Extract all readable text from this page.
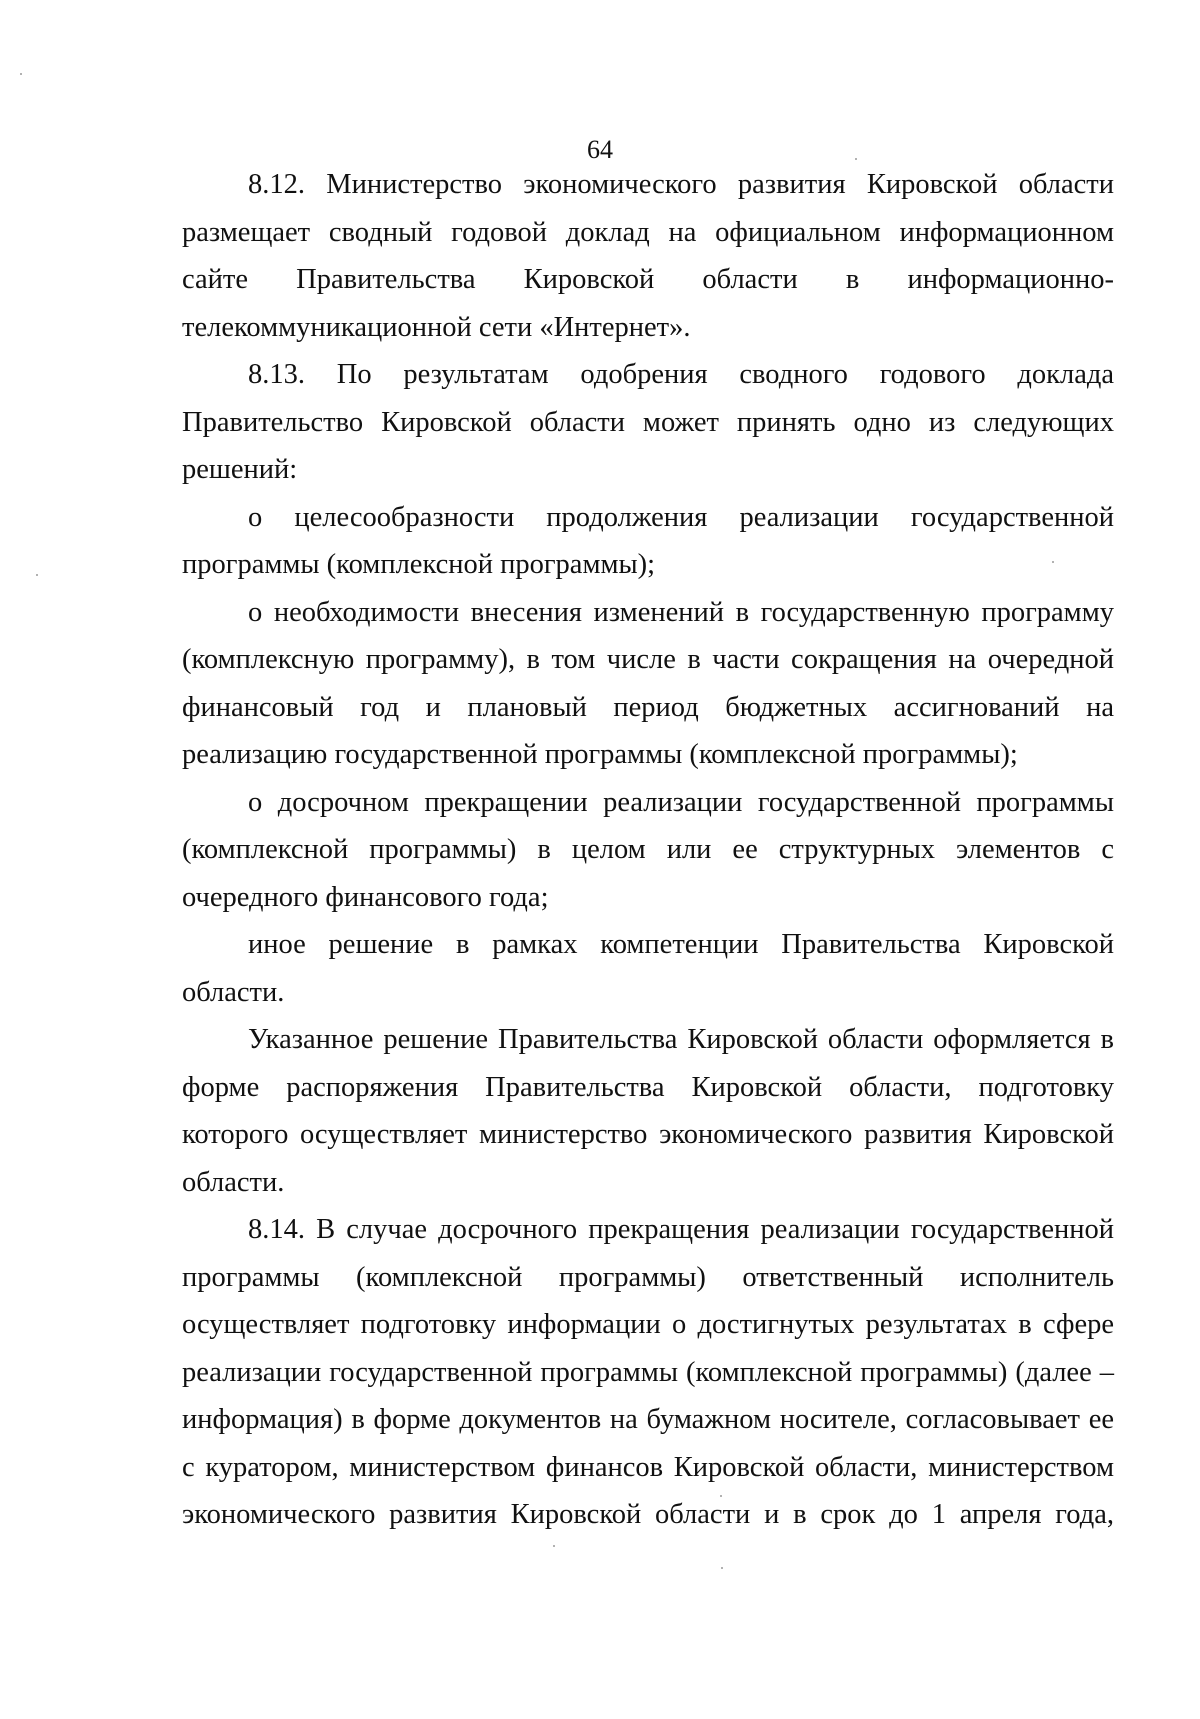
64

8.12. Министерство экономического развития Кировской области размещает сводный годовой доклад на официальном информационном сайте Правительства Кировской области в информационно-телекоммуникационной сети «Интернет».

8.13. По результатам одобрения сводного годового доклада Правительство Кировской области может принять одно из следующих решений:

о целесообразности продолжения реализации государственной программы (комплексной программы);

о необходимости внесения изменений в государственную программу (комплексную программу), в том числе в части сокращения на очередной финансовый год и плановый период бюджетных ассигнований на реализацию государственной программы (комплексной программы);

о досрочном прекращении реализации государственной программы (комплексной программы) в целом или ее структурных элементов с очередного финансового года;

иное решение в рамках компетенции Правительства Кировской области.

Указанное решение Правительства Кировской области оформляется в форме распоряжения Правительства Кировской области, подготовку которого осуществляет министерство экономического развития Кировской области.

8.14. В случае досрочного прекращения реализации государственной программы (комплексной программы) ответственный исполнитель осуществляет подготовку информации о достигнутых результатах в сфере реализации государственной программы (комплексной программы) (далее – информация) в форме документов на бумажном носителе, согласовывает ее с куратором, министерством финансов Кировской области, министерством экономического развития Кировской области и в срок до 1 апреля года,
